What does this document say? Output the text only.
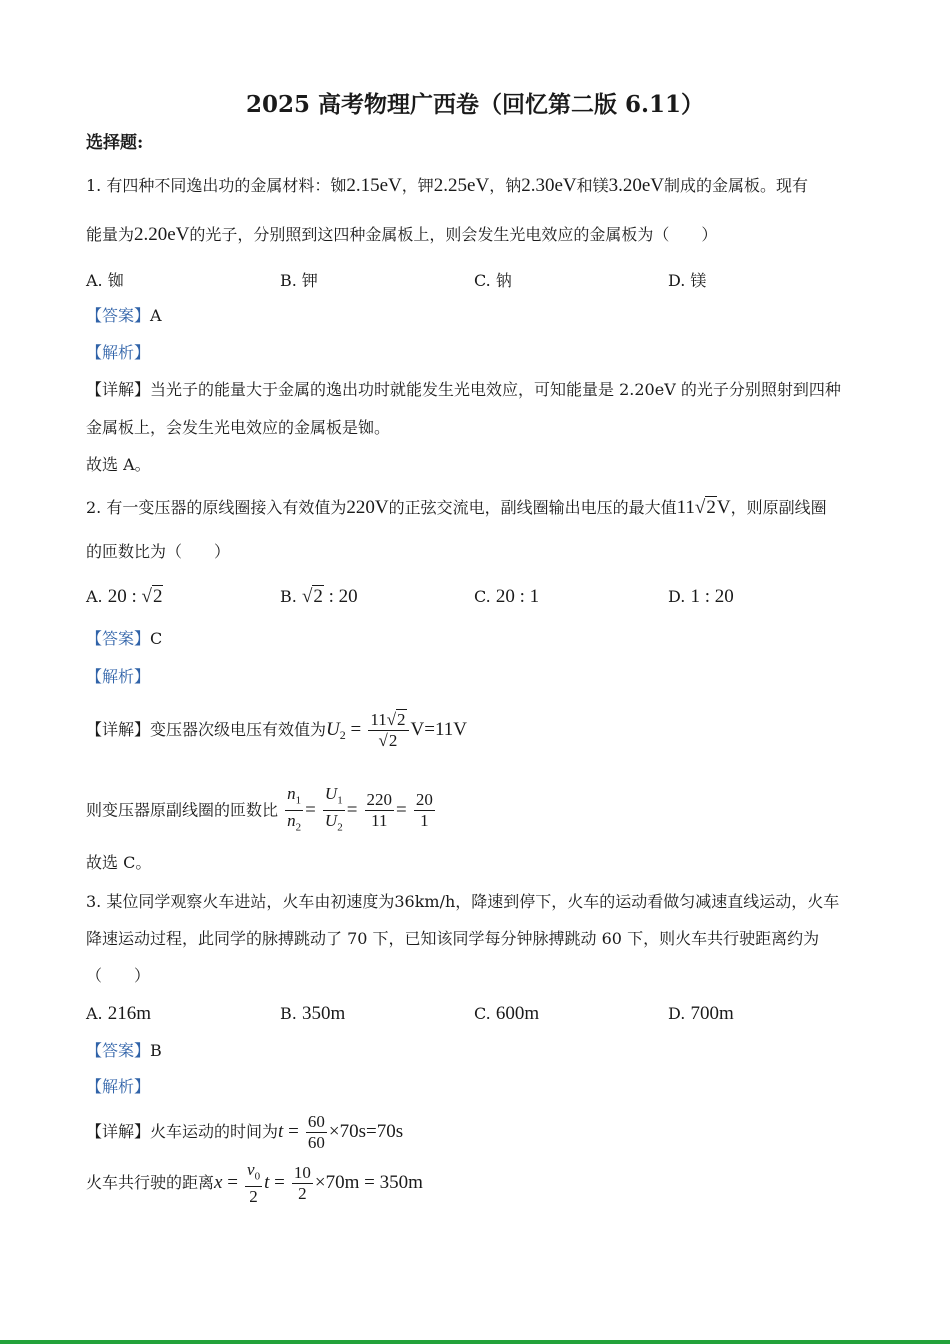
2025 高考物理广西卷（回忆第二版 6.11）
选择题:
1. 有四种不同逸出功的金属材料：铷2.15eV，钾2.25eV，钠2.30eV和镁3.20eV制成的金属板。现有
能量为2.20eV的光子，分别照到这四种金属板上，则会发生光电效应的金属板为（　　）
A. 铷	B. 钾	C. 钠	D. 镁
【答案】A
【解析】
【详解】当光子的能量大于金属的逸出功时就能发生光电效应，可知能量是 2.20eV 的光子分别照射到四种
金属板上，会发生光电效应的金属板是铷。
故选 A。
2. 有一变压器的原线圈接入有效值为220V的正弦交流电，副线圈输出电压的最大值11√2V，则原副线圈
的匝数比为（　　）
A. 20 : √2	B. √2 : 20	C. 20 : 1	D. 1 : 20
【答案】C
【解析】
【详解】变压器次级电压有效值为$U_2 = \frac{11√2}{√2} V=11V$
则变压器原副线圈的匝数比 $\frac{n_1}{n_2} = \frac{U_1}{U_2} = \frac{220}{11} = \frac{20}{1}$
故选 C。
3. 某位同学观察火车进站，火车由初速度为36km/h，降速到停下，火车的运动看做匀减速直线运动，火车
降速运动过程，此同学的脉搏跳动了 70 下，已知该同学每分钟脉搏跳动 60 下，则火车共行驶距离约为
（　　）
A. 216m	B. 350m	C. 600m	D. 700m
【答案】B
【解析】
【详解】火车运动的时间为$t = \frac{60}{60} \times 70s=70s$
火车共行驶的距离$x = \frac{v_0}{2}$ $t = \frac{10}{2} \times 70m = 350m$
